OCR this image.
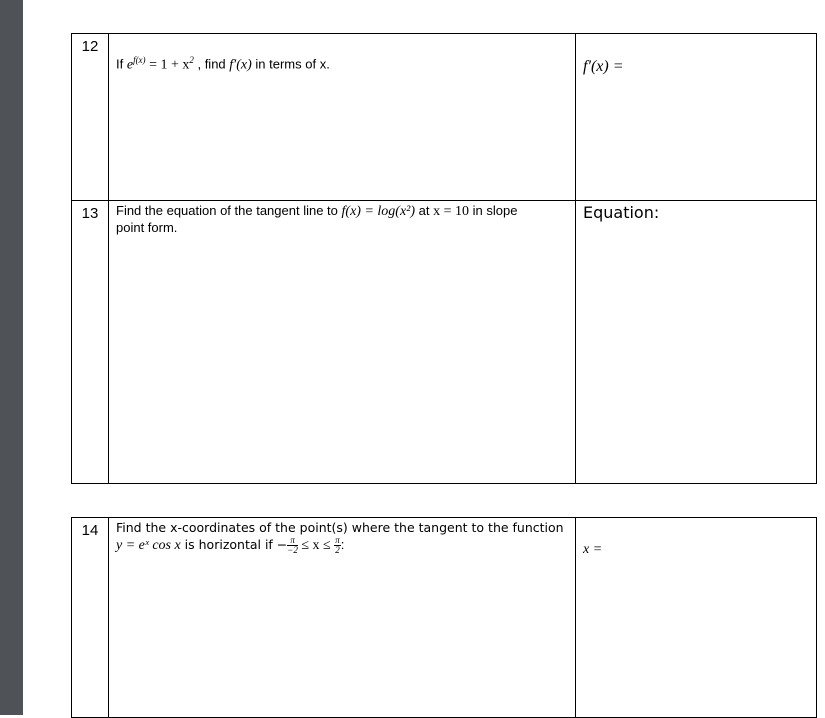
12	If $e^{f(x)} = 1 + x^2$ , find f′(x) in terms of x.	f′(x) =
13	Find the equation of the tangent line to f(x) = log(x²) at x = 10 in slope
point form.	Equation:
14	Find the x-coordinates of the point(s) where the tangent to the function
y = eˣ cos x is horizontal if − $\frac{\pi}{-2} \le x \le \frac{\pi}{2}$ :	x =
